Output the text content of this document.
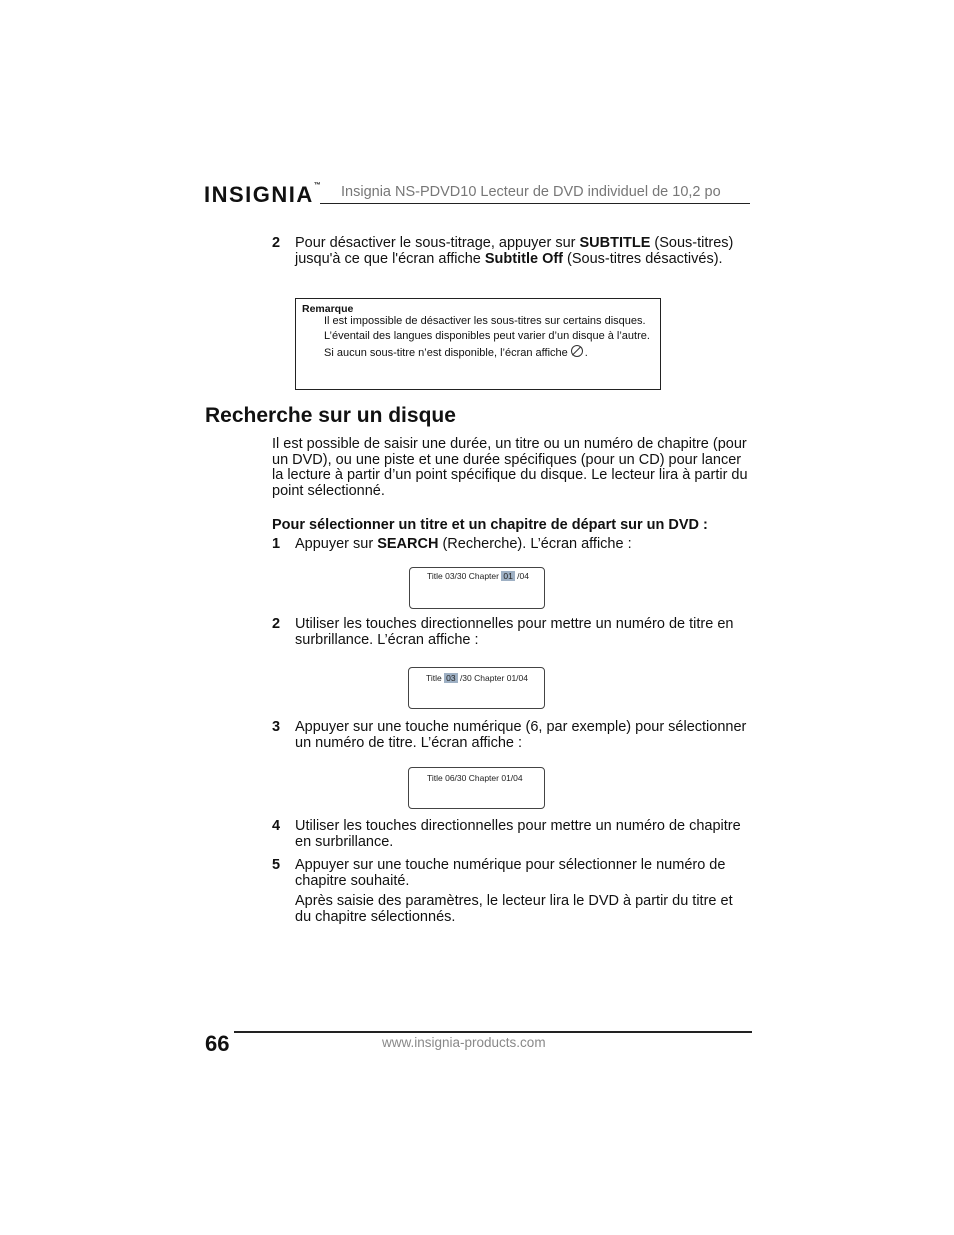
INSIGNIA™ Insignia NS-PDVD10 Lecteur de DVD individuel de 10,2 po
2 Pour désactiver le sous-titrage, appuyer sur SUBTITLE (Sous-titres) jusqu'à ce que l'écran affiche Subtitle Off (Sous-titres désactivés).
Remarque
Il est impossible de désactiver les sous-titres sur certains disques.
L’éventail des langues disponibles peut varier d’un disque à l’autre.
Si aucun sous-titre n’est disponible, l’écran affiche .
Recherche sur un disque
Il est possible de saisir une durée, un titre ou un numéro de chapitre (pour un DVD), ou une piste et une durée spécifiques (pour un CD) pour lancer la lecture à partir d’un point spécifique du disque. Le lecteur lira à partir du point sélectionné.
Pour sélectionner un titre et un chapitre de départ sur un DVD :
1 Appuyer sur SEARCH (Recherche). L’écran affiche :
Title 03/30 Chapter 01 /04
2 Utiliser les touches directionnelles pour mettre un numéro de titre en surbrillance. L’écran affiche :
Title 03 /30 Chapter 01/04
3 Appuyer sur une touche numérique (6, par exemple) pour sélectionner un numéro de titre. L’écran affiche :
Title 06/30 Chapter 01/04
4 Utiliser les touches directionnelles pour mettre un numéro de chapitre en surbrillance.
5 Appuyer sur une touche numérique pour sélectionner le numéro de chapitre souhaité.

Après saisie des paramètres, le lecteur lira le DVD à partir du titre et du chapitre sélectionnés.

66	www.insignia-products.com
